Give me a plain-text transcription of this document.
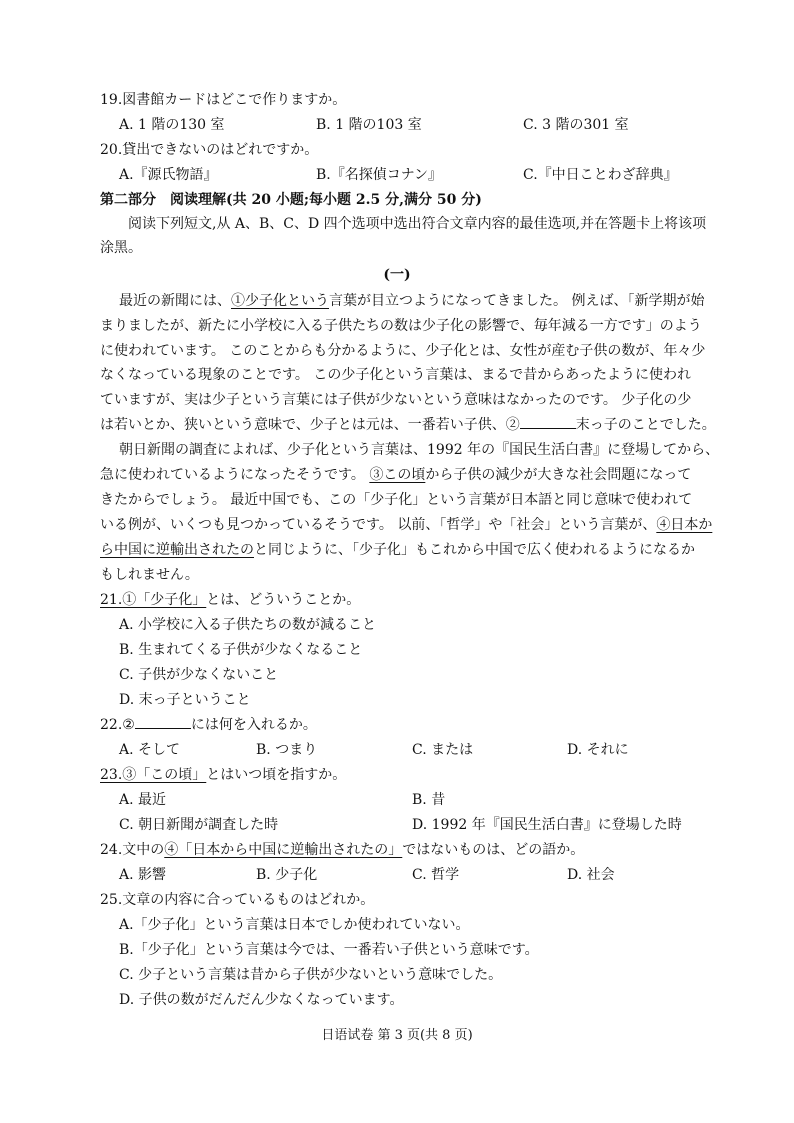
19.図書館カードはどこで作りますか。
A. 1 階の130 室	B. 1 階の103 室	C. 3 階の301 室
20.貸出できないのはどれですか。
A.『源氏物語』	B.『名探偵コナン』	C.『中日ことわざ辞典』
第二部分　阅读理解(共 20 小题;每小题 2.5 分,满分 50 分)
阅读下列短文,从 A、B、C、D 四个选项中选出符合文章内容的最佳选项,并在答题卡上将该项
涂黑。
(一)
最近の新聞には、①少子化という言葉が目立つようになってきました。 例えば、「新学期が始
まりましたが、新たに小学校に入る子供たちの数は少子化の影響で、毎年減る一方です」のよう
に使われています。 このことからも分かるように、少子化とは、女性が産む子供の数が、年々少
なくなっている現象のことです。 この少子化という言葉は、まるで昔からあったように使われ
ていますが、実は少子という言葉には子供が少ないという意味はなかったのです。 少子化の少
は若いとか、狭いという意味で、少子とは元は、一番若い子供、②	末っ子のことでした。
朝日新聞の調査によれば、少子化という言葉は、1992 年の『国民生活白書』に登場してから、
急に使われているようになったそうです。 ③この頃から子供の減少が大きな社会問題になって
きたからでしょう。 最近中国でも、この「少子化」という言葉が日本語と同じ意味で使われて
いる例が、いくつも見つかっているそうです。 以前、「哲学」や「社会」という言葉が、④日本か
ら中国に逆輸出されたのと同じように、「少子化」もこれから中国で広く使われるようになるか
もしれません。
21.①「少子化」とは、どういうことか。
A. 小学校に入る子供たちの数が減ること
B. 生まれてくる子供が少なくなること
C. 子供が少なくないこと
D. 末っ子ということ
22.②	には何を入れるか。
A. そして	B. つまり	C. または	D. それに
23.③「この頃」とはいつ頃を指すか。
A. 最近	B. 昔
C. 朝日新聞が調査した時	D. 1992 年『国民生活白書』に登場した時
24.文中の④「日本から中国に逆輸出されたの」ではないものは、どの語か。
A. 影響	B. 少子化	C. 哲学	D. 社会
25.文章の内容に合っているものはどれか。
A.「少子化」という言葉は日本でしか使われていない。
B.「少子化」という言葉は今では、一番若い子供という意味です。
C. 少子という言葉は昔から子供が少ないという意味でした。
D. 子供の数がだんだん少なくなっています。
日语试卷 第 3 页(共 8 页)
